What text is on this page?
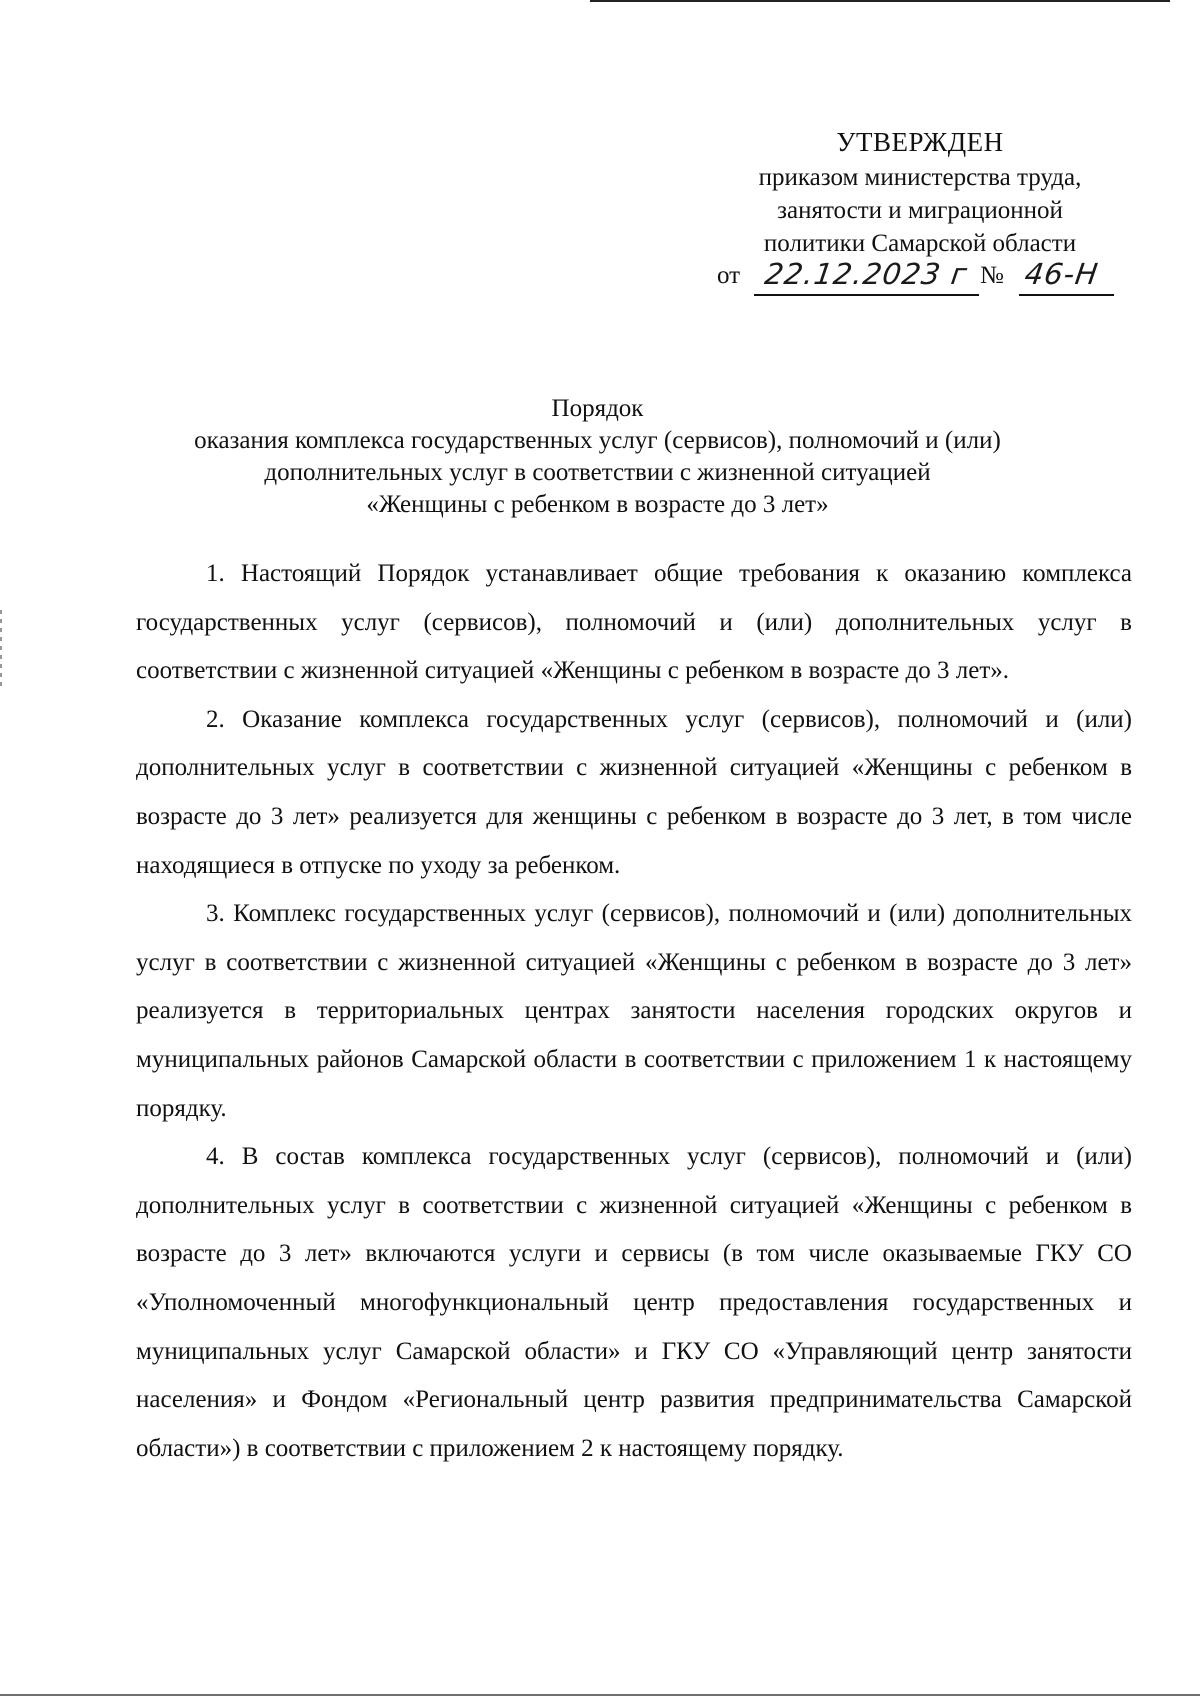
УТВЕРЖДЕН
приказом министерства труда,
занятости и миграционной
политики Самарской области
от 22.12.2023 г № 46-Н
Порядок
оказания комплекса государственных услуг (сервисов), полномочий и (или)
дополнительных услуг в соответствии с жизненной ситуацией
«Женщины с ребенком в возрасте до 3 лет»

1. Настоящий Порядок устанавливает общие требования к оказанию комплекса государственных услуг (сервисов), полномочий и (или) дополнительных услуг в соответствии с жизненной ситуацией «Женщины с ребенком в возрасте до 3 лет».

2. Оказание комплекса государственных услуг (сервисов), полномочий и (или) дополнительных услуг в соответствии с жизненной ситуацией «Женщины с ребенком в возрасте до 3 лет» реализуется для женщины с ребенком в возрасте до 3 лет, в том числе находящиеся в отпуске по уходу за ребенком.

3. Комплекс государственных услуг (сервисов), полномочий и (или) дополнительных услуг в соответствии с жизненной ситуацией «Женщины с ребенком в возрасте до 3 лет» реализуется в территориальных центрах занятости населения городских округов и муниципальных районов Самарской области в соответствии с приложением 1 к настоящему порядку.

4. В состав комплекса государственных услуг (сервисов), полномочий и (или) дополнительных услуг в соответствии с жизненной ситуацией «Женщины с ребенком в возрасте до 3 лет» включаются услуги и сервисы (в том числе оказываемые ГКУ СО «Уполномоченный многофункциональный центр предоставления государственных и муниципальных услуг Самарской области» и ГКУ СО «Управляющий центр занятости населения» и Фондом «Региональный центр развития предпринимательства Самарской области») в соответствии с приложением 2 к настоящему порядку.
